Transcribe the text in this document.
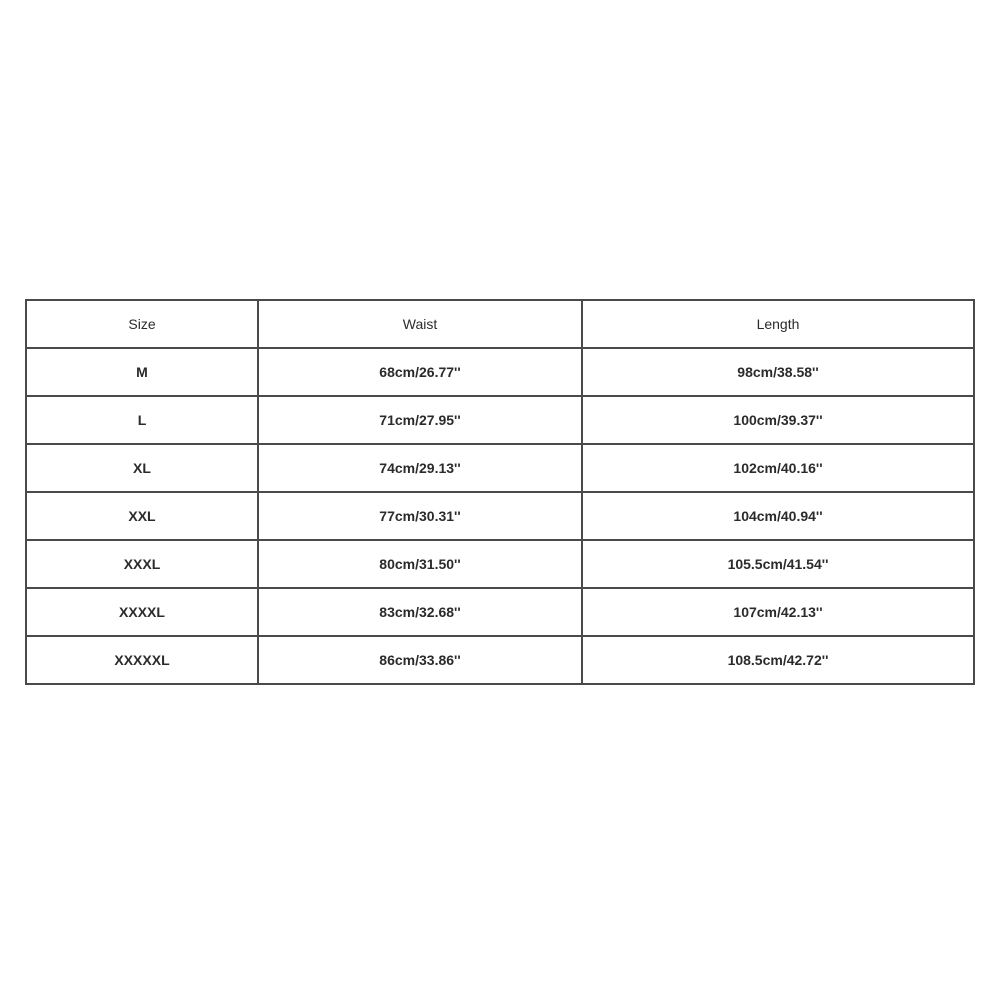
Size	Waist	Length
M	68cm/26.77''	98cm/38.58''
L	71cm/27.95''	100cm/39.37''
XL	74cm/29.13''	102cm/40.16''
XXL	77cm/30.31''	104cm/40.94''
XXXL	80cm/31.50''	105.5cm/41.54''
XXXXL	83cm/32.68''	107cm/42.13''
XXXXXL	86cm/33.86''	108.5cm/42.72''
